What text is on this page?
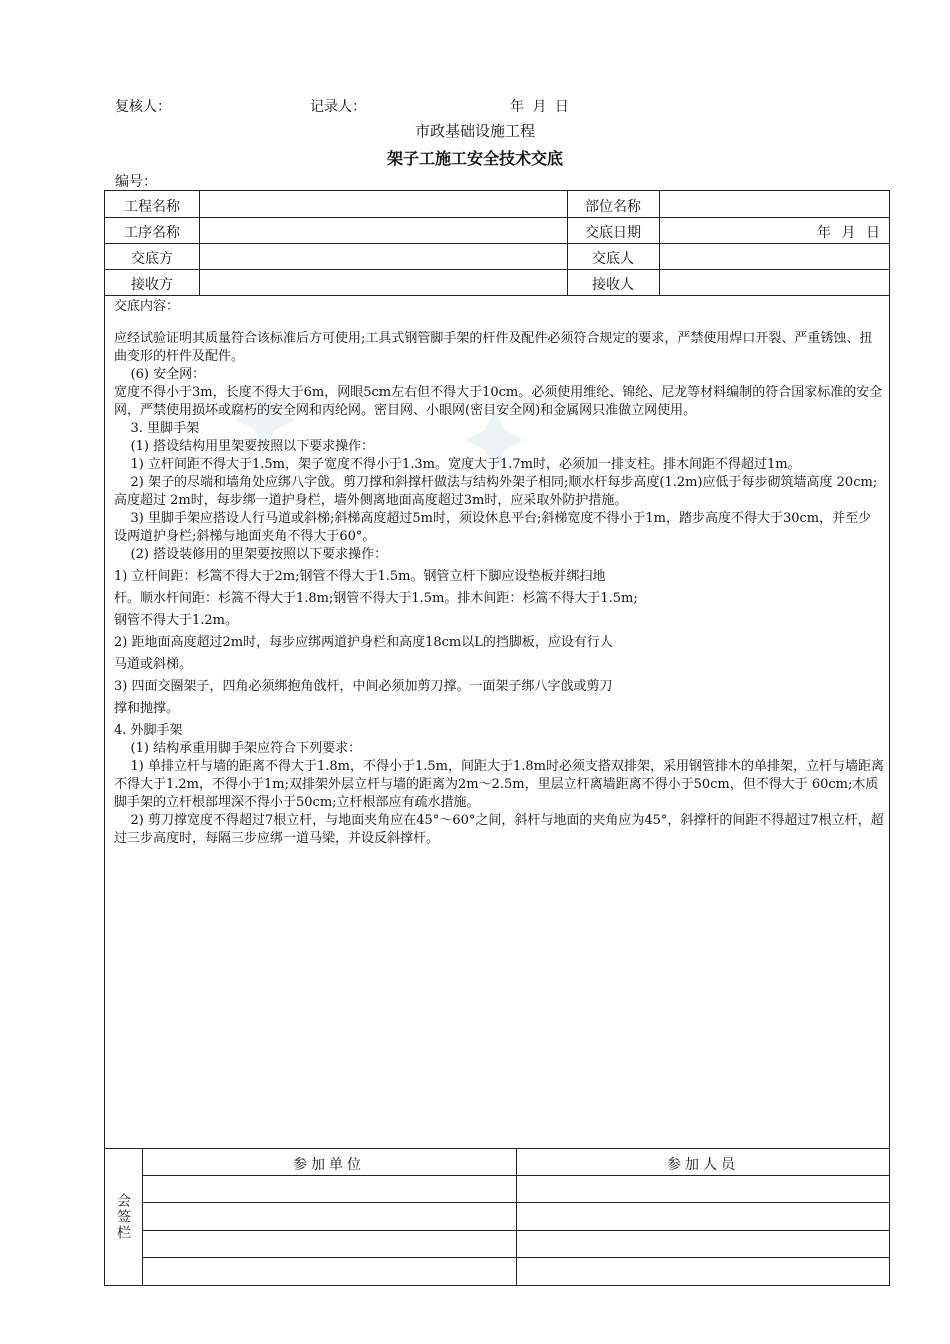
复核人：	记录人：	年 月 日
市政基础设施工程
架子工施工安全技术交底
编号：
工程名称	部位名称
工序名称	交底日期	年 月 日
交底方	交底人
接收方	接收人

交底内容：

应经试验证明其质量符合该标准后方可使用;工具式钢管脚手架的杆件及配件必须符合规定的要求，严禁使用焊口开裂、严重锈蚀、扭曲变形的杆件及配件。

(6) 安全网：

宽度不得小于3m，长度不得大于6m，网眼5cm左右但不得大于10cm。必须使用维纶、锦纶、尼龙等材料编制的符合国家标准的安全网，严禁使用损坏或腐朽的安全网和丙纶网。密目网、小眼网(密目安全网)和金属网只准做立网使用。

3. 里脚手架

(1) 搭设结构用里架要按照以下要求操作：

1) 立杆间距不得大于1.5m，架子宽度不得小于1.3m。宽度大于1.7m时，必须加一排支柱。排木间距不得超过1m。

2) 架子的尽端和墙角处应绑八字戗。剪刀撑和斜撑杆做法与结构外架子相同;顺水杆每步高度(1.2m)应低于每步砌筑墙高度 20cm;高度超过 2m时，每步绑一道护身栏，墙外侧离地面高度超过3m时，应采取外防护措施。

3) 里脚手架应搭设人行马道或斜梯;斜梯高度超过5m时，须设休息平台;斜梯宽度不得小于1m，踏步高度不得大于30cm，并至少设两道护身栏;斜梯与地面夹角不得大于60°。

(2) 搭设装修用的里架要按照以下要求操作：

1) 立杆间距：杉篙不得大于2m;钢管不得大于1.5m。钢管立杆下脚应设垫板并绑扫地

杆。顺水杆间距：杉篙不得大于1.8m;钢管不得大于1.5m。排木间距：杉篙不得大于1.5m;

钢管不得大于1.2m。

2) 距地面高度超过2m时，每步应绑两道护身栏和高度18cm以L的挡脚板，应设有行人

马道或斜梯。

3) 四面交圈架子，四角必须绑抱角戗杆，中间必须加剪刀撑。一面架子绑八字戗或剪刀

撑和抛撑。

4. 外脚手架

(1) 结构承重用脚手架应符合下列要求：

1) 单排立杆与墙的距离不得大于1.8m，不得小于1.5m，间距大于1.8m时必须支搭双排架，采用钢管排木的单排架，立杆与墙距离不得大于1.2m，不得小于1m;双排架外层立杆与墙的距离为2m～2.5m，里层立杆离墙距离不得小于50cm，但不得大于 60cm;木质脚手架的立杆根部埋深不得小于50cm;立杆根部应有疏水措施。

2) 剪刀撑宽度不得超过7根立杆，与地面夹角应在45°～60°之间，斜杆与地面的夹角应为45°，斜撑杆的间距不得超过7根立杆，超过三步高度时，每隔三步应绑一道马梁，并设反斜撑杆。

会签栏
参加单位	参加人员
